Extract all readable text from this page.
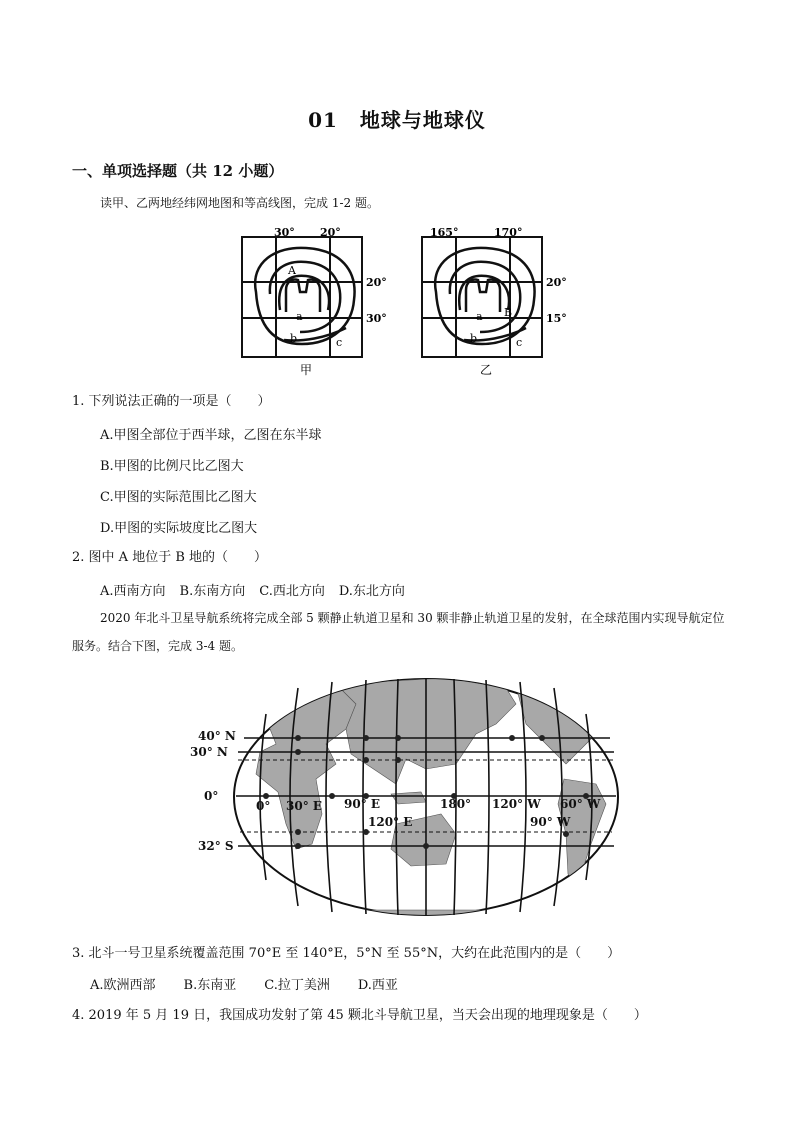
01 地球与地球仪
一、单项选择题（共 12 小题）
读甲、乙两地经纬网地图和等高线图，完成 1-2 题。
30° 20°
20°
30°
A
a
b	c
甲
165°	170°
20°
15°
B
a
b	c
乙
1. 下列说法正确的一项是（　　）
A.甲图全部位于西半球，乙图在东半球
B.甲图的比例尺比乙图大
C.甲图的实际范围比乙图大
D.甲图的实际坡度比乙图大
2. 图中 A 地位于 B 地的（　　）
A.西南方向 B.东南方向 C.西北方向 D.东北方向
2020 年北斗卫星导航系统将完成全部 5 颗静止轨道卫星和 30 颗非静止轨道卫星的发射，在全球范围内实现导航定位服务。结合下图，完成 3-4 题。
40° N
30° N
0°
32° S
0° 30° E 90° E
120° E
180° 120° W 60° W
90° W
3. 北斗一号卫星系统覆盖范围 70°E 至 140°E，5°N 至 55°N，大约在此范围内的是（　　）
A.欧洲西部 B.东南亚 C.拉丁美洲 D.西亚
4. 2019 年 5 月 19 日，我国成功发射了第 45 颗北斗导航卫星，当天会出现的地理现象是（　　）
